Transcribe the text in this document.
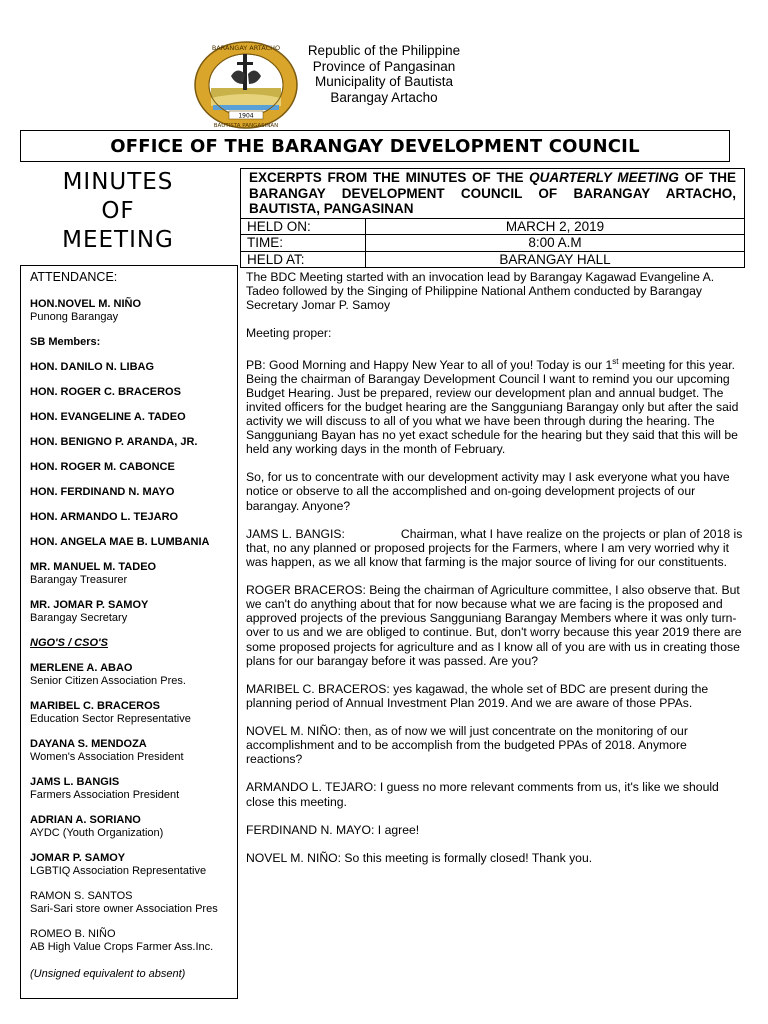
1904
BARANGAY ARTACHO
BAUTISTA PANGASINAN
Republic of the Philippine
Province of Pangasinan
Municipality of Bautista
Barangay Artacho
OFFICE OF THE BARANGAY DEVELOPMENT COUNCIL
MINUTES
OF
MEETING
EXCERPTS FROM THE MINUTES OF THE QUARTERLY MEETING OF THE BARANGAY DEVELOPMENT COUNCIL OF BARANGAY ARTACHO, BAUTISTA, PANGASINAN	
HELD ON:	MARCH 2, 2019
TIME:	8:00 A.M
HELD AT:	BARANGAY HALL
ATTENDANCE:
HON.NOVEL M. NIÑO
Punong Barangay
SB Members:
HON. DANILO N. LIBAG
HON. ROGER C. BRACEROS
HON. EVANGELINE A. TADEO
HON. BENIGNO P. ARANDA, JR.
HON. ROGER M. CABONCE
HON. FERDINAND N. MAYO
HON. ARMANDO L. TEJARO
HON. ANGELA MAE B. LUMBANIA
MR. MANUEL M. TADEO
Barangay Treasurer
MR. JOMAR P. SAMOY
Barangay Secretary
NGO'S / CSO'S
MERLENE A. ABAO
Senior Citizen Association Pres.
MARIBEL C. BRACEROS
Education Sector Representative
DAYANA S. MENDOZA
Women's Association President
JAMS L. BANGIS
Farmers Association President
ADRIAN A. SORIANO
AYDC (Youth Organization)
JOMAR P. SAMOY
LGBTIQ Association Representative
RAMON S. SANTOS
Sari-Sari store owner Association Pres
ROMEO B. NIÑO
AB High Value Crops Farmer Ass.Inc.
(Unsigned equivalent to absent)

The BDC Meeting started with an invocation lead by Barangay Kagawad Evangeline A. Tadeo followed by the Singing of Philippine National Anthem conducted by Barangay Secretary Jomar P. Samoy

Meeting proper:

PB: Good Morning and Happy New Year to all of you! Today is our 1st meeting for this year. Being the chairman of Barangay Development Council I want to remind you our upcoming Budget Hearing. Just be prepared, review our development plan and annual budget. The invited officers for the budget hearing are the Sangguniang Barangay only but after the said activity we will discuss to all of you what we have been through during the hearing. The Sangguniang Bayan has no yet exact schedule for the hearing but they said that this will be held any working days in the month of February.

So, for us to concentrate with our development activity may I ask everyone what you have notice or observe to all the accomplished and on-going development projects of our barangay. Anyone?

JAMS L. BANGIS:	Chairman, what I have realize on the projects or plan of 2018 is that, no any planned or proposed projects for the Farmers, where I am very worried why it was happen, as we all know that farming is the major source of living for our constituents.

ROGER BRACEROS: Being the chairman of Agriculture committee, I also observe that. But we can't do anything about that for now because what we are facing is the proposed and approved projects of the previous Sangguniang Barangay Members where it was only turn-over to us and we are obliged to continue. But, don't worry because this year 2019 there are some proposed projects for agriculture and as I know all of you are with us in creating those plans for our barangay before it was passed. Are you?

MARIBEL C. BRACEROS: yes kagawad, the whole set of BDC are present during the planning period of Annual Investment Plan 2019. And we are aware of those PPAs.

NOVEL M. NIÑO: then, as of now we will just concentrate on the monitoring of our accomplishment and to be accomplish from the budgeted PPAs of 2018. Anymore reactions?

ARMANDO L. TEJARO: I guess no more relevant comments from us, it's like we should close this meeting.

FERDINAND N. MAYO: I agree!

NOVEL M. NIÑO: So this meeting is formally closed! Thank you.
